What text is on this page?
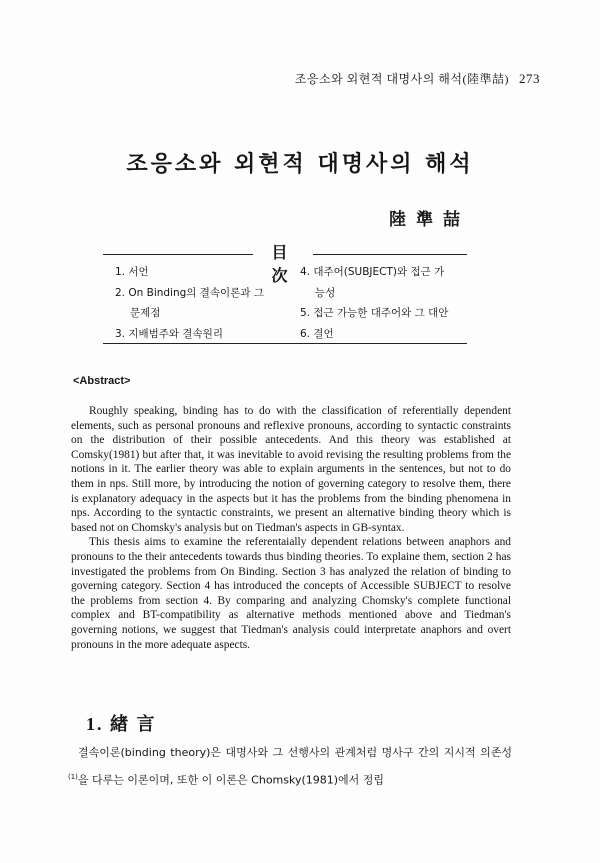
조응소와 외현적 대명사의 해석(陸準喆) 273
조응소와 외현적 대명사의 해석
陸準喆
目 次
1. 서언
2. On Binding의 결속이론과 그
문제점
3. 지배범주와 결속원리
4. 대주어(SUBJECT)와 접근 가
능성
5. 접근 가능한 대주어와 그 대안
6. 결언
<Abstract>

Roughly speaking, binding has to do with the classification of referentially dependent elements, such as personal pronouns and reflexive pronouns, according to syntactic constraints on the distribution of their possible antecedents. And this theory was established at Comsky(1981) but after that, it was inevitable to avoid revising the resulting problems from the notions in it. The earlier theory was able to explain arguments in the sentences, but not to do them in nps. Still more, by introducing the notion of governing category to resolve them, there is explanatory adequacy in the aspects but it has the problems from the binding phenomena in nps. According to the syntactic constraints, we present an alternative binding theory which is based not on Chomsky's analysis but on Tiedman's aspects in GB-syntax.

This thesis aims to examine the referentaially dependent relations between anaphors and pronouns to the their antecedents towards thus binding theories. To explaine them, section 2 has investigated the problems from On Binding. Section 3 has analyzed the relation of binding to governing category. Section 4 has introduced the concepts of Accessible SUBJECT to resolve the problems from section 4. By comparing and analyzing Chomsky's complete functional complex and BT-compatibility as alternative methods mentioned above and Tiedman's governing notions, we suggest that Tiedman's analysis could interpretate anaphors and overt pronouns in the more adequate aspects.

1. 緖 言

결속이론(binding theory)은 대명사와 그 선행사의 관계처럼 명사구 간의 지시적 의존성$^{(1)}$을 다루는 이론이며, 또한 이 이론은 Chomsky(1981)에서 정립
